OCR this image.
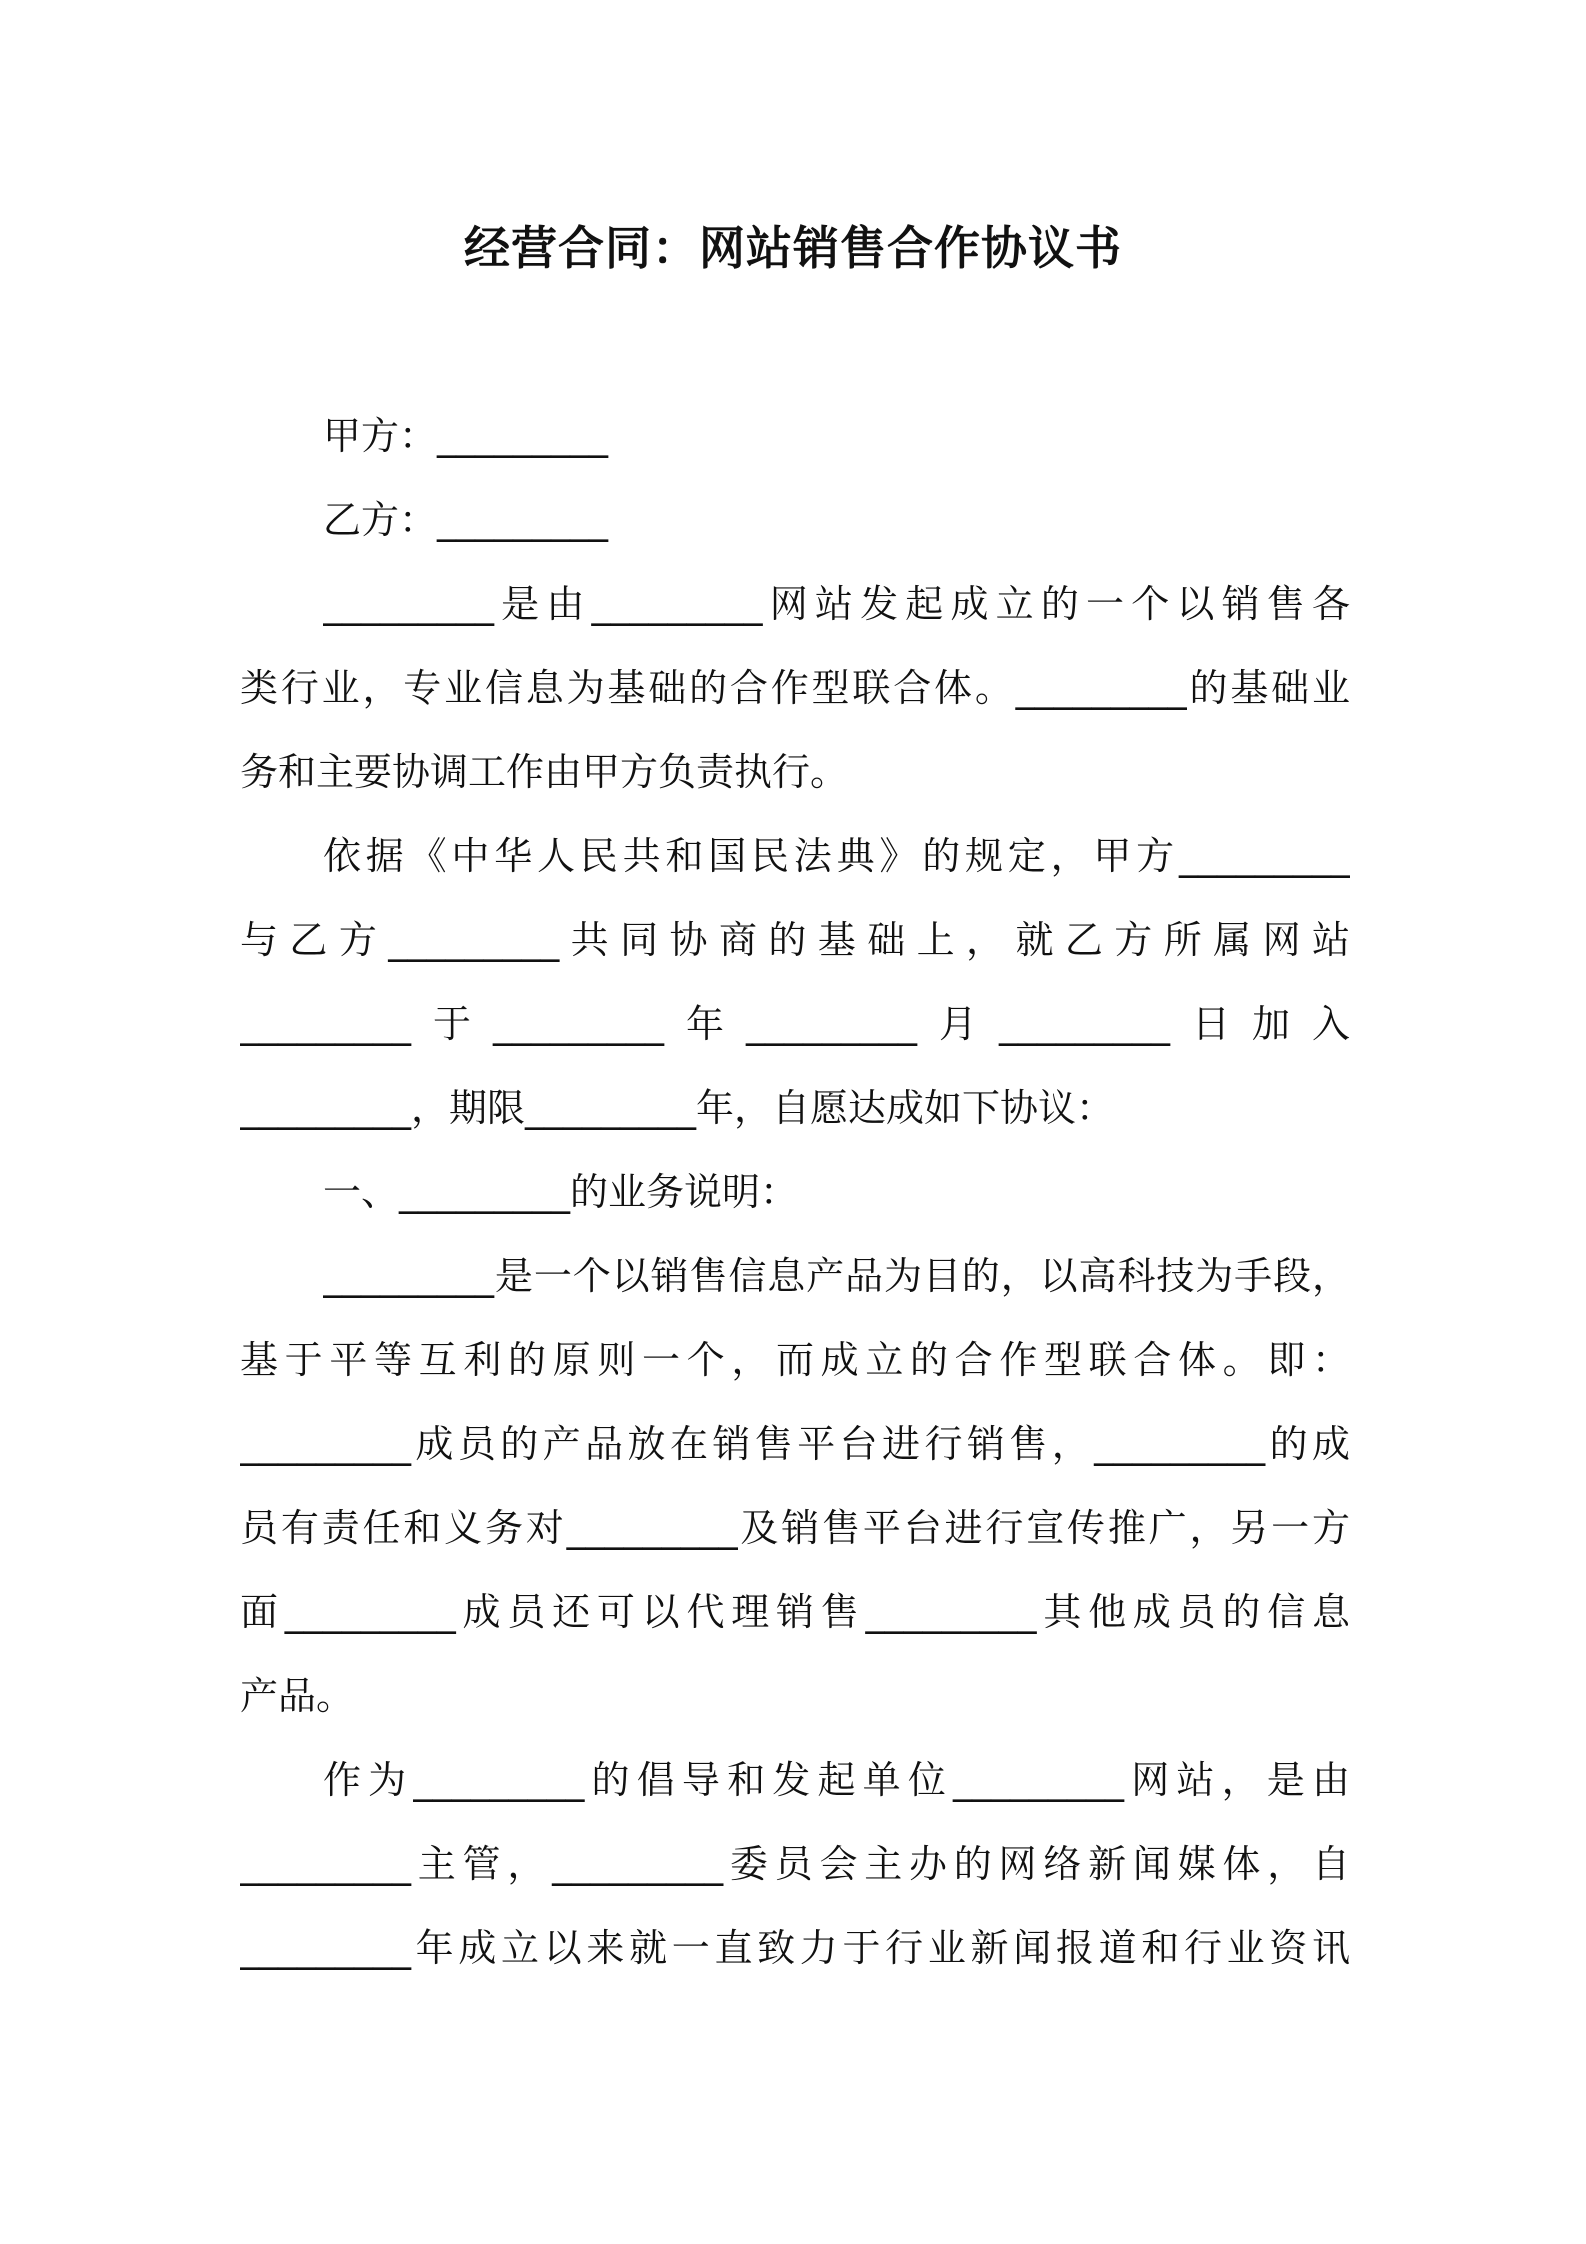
经营合同：网站销售合作协议书
甲方：_________
乙方：_________
_________是由_________网站发起成立的一个以销售各
类行业，专业信息为基础的合作型联合体。_________的基础业
务和主要协调工作由甲方负责执行。
依据《中华人民共和国民法典》的规定，甲方_________
与乙方_________共同协商的基础上，就乙方所属网站
_________于_________年_________月_________日加入
_________，期限_________年，自愿达成如下协议：
一、_________的业务说明：
_________是一个以销售信息产品为目的，以高科技为手段，
基于平等互利的原则一个，而成立的合作型联合体。即：
_________成员的产品放在销售平台进行销售，_________的成
员有责任和义务对_________及销售平台进行宣传推广，另一方
面_________成员还可以代理销售_________其他成员的信息
产品。
作为_________的倡导和发起单位_________网站，是由
_________主管，_________委员会主办的网络新闻媒体，自
_________年成立以来就一直致力于行业新闻报道和行业资讯
